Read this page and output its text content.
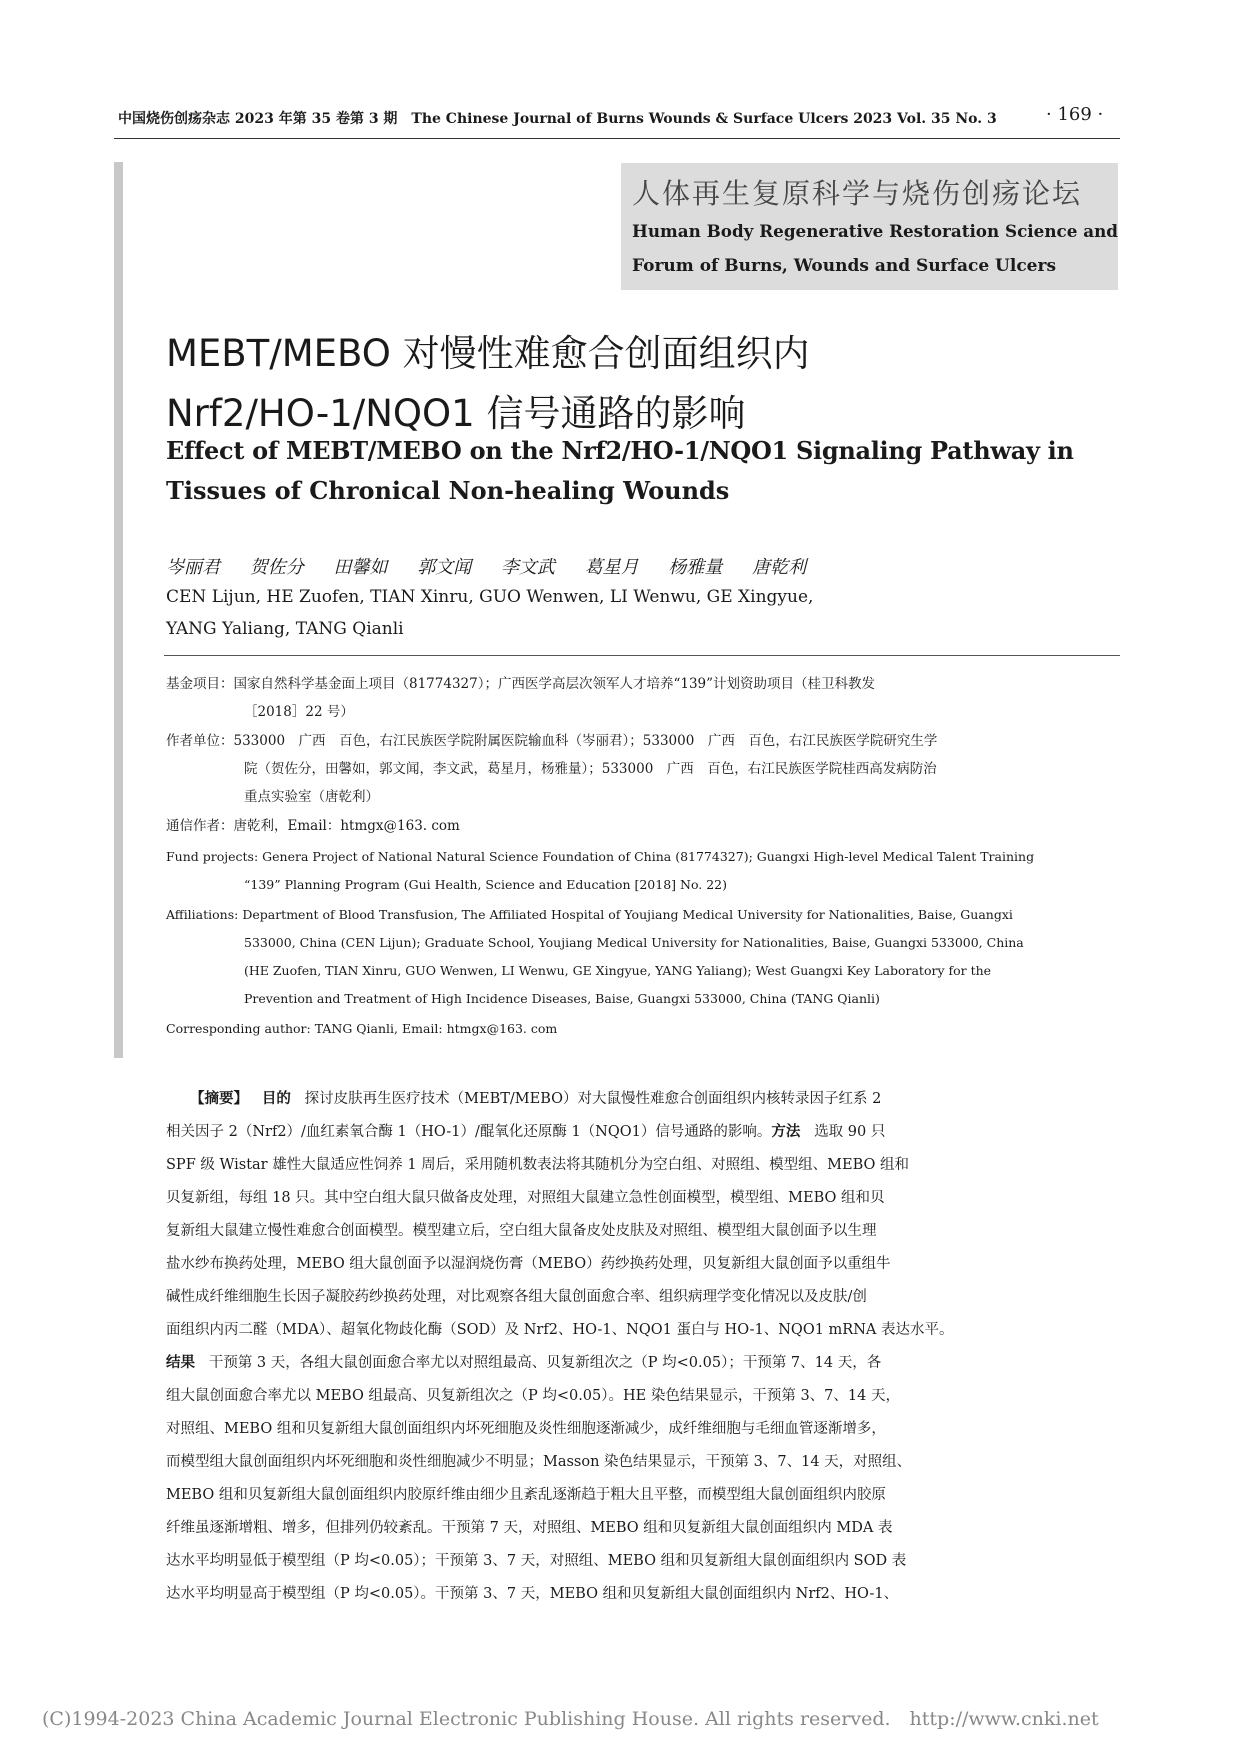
中国烧伤创疡杂志 2023 年第 35 卷第 3 期　The Chinese Journal of Burns Wounds & Surface Ulcers 2023 Vol. 35 No. 3	· 169 ·
人体再生复原科学与烧伤创疡论坛
Human Body Regenerative Restoration Science and
Forum of Burns, Wounds and Surface Ulcers
MEBT/MEBO 对慢性难愈合创面组织内
Nrf2/HO-1/NQO1 信号通路的影响
Effect of MEBT/MEBO on the Nrf2/HO-1/NQO1 Signaling Pathway in
Tissues of Chronical Non-healing Wounds
岑丽君 贺佐分 田馨如 郭文闻 李文武 葛星月 杨雅量 唐乾利
CEN Lijun, HE Zuofen, TIAN Xinru, GUO Wenwen, LI Wenwu, GE Xingyue,
YANG Yaliang, TANG Qianli
基金项目：国家自然科学基金面上项目（81774327）；广西医学高层次领军人才培养“139”计划资助项目（桂卫科教发
［2018］22 号）
作者单位：533000　广西　百色，右江民族医学院附属医院输血科（岑丽君）；533000　广西　百色，右江民族医学院研究生学
院（贺佐分，田馨如，郭文闻，李文武，葛星月，杨雅量）；533000　广西　百色，右江民族医学院桂西高发病防治
重点实验室（唐乾利）
通信作者：唐乾利，Email：htmgx@163. com
Fund projects: Genera Project of National Natural Science Foundation of China (81774327); Guangxi High-level Medical Talent Training
“139” Planning Program (Gui Health, Science and Education [2018] No. 22)
Affiliations: Department of Blood Transfusion, The Affiliated Hospital of Youjiang Medical University for Nationalities, Baise, Guangxi
533000, China (CEN Lijun); Graduate School, Youjiang Medical University for Nationalities, Baise, Guangxi 533000, China
(HE Zuofen, TIAN Xinru, GUO Wenwen, LI Wenwu, GE Xingyue, YANG Yaliang); West Guangxi Key Laboratory for the
Prevention and Treatment of High Incidence Diseases, Baise, Guangxi 533000, China (TANG Qianli)
Corresponding author: TANG Qianli, Email: htmgx@163. com
【摘要】 目的 探讨皮肤再生医疗技术（MEBT/MEBO）对大鼠慢性难愈合创面组织内核转录因子红系 2
相关因子 2（Nrf2）/血红素氧合酶 1（HO-1）/醌氧化还原酶 1（NQO1）信号通路的影响。方法 选取 90 只
SPF 级 Wistar 雄性大鼠适应性饲养 1 周后，采用随机数表法将其随机分为空白组、对照组、模型组、MEBO 组和
贝复新组，每组 18 只。其中空白组大鼠只做备皮处理，对照组大鼠建立急性创面模型，模型组、MEBO 组和贝
复新组大鼠建立慢性难愈合创面模型。模型建立后，空白组大鼠备皮处皮肤及对照组、模型组大鼠创面予以生理
盐水纱布换药处理，MEBO 组大鼠创面予以湿润烧伤膏（MEBO）药纱换药处理，贝复新组大鼠创面予以重组牛
碱性成纤维细胞生长因子凝胶药纱换药处理，对比观察各组大鼠创面愈合率、组织病理学变化情况以及皮肤/创
面组织内丙二醛（MDA）、超氧化物歧化酶（SOD）及 Nrf2、HO-1、NQO1 蛋白与 HO-1、NQO1 mRNA 表达水平。
结果 干预第 3 天，各组大鼠创面愈合率尤以对照组最高、贝复新组次之（P 均<0.05）；干预第 7、14 天，各
组大鼠创面愈合率尤以 MEBO 组最高、贝复新组次之（P 均<0.05）。HE 染色结果显示，干预第 3、7、14 天，
对照组、MEBO 组和贝复新组大鼠创面组织内坏死细胞及炎性细胞逐渐减少，成纤维细胞与毛细血管逐渐增多，
而模型组大鼠创面组织内坏死细胞和炎性细胞减少不明显；Masson 染色结果显示，干预第 3、7、14 天，对照组、
MEBO 组和贝复新组大鼠创面组织内胶原纤维由细少且紊乱逐渐趋于粗大且平整，而模型组大鼠创面组织内胶原
纤维虽逐渐增粗、增多，但排列仍较紊乱。干预第 7 天，对照组、MEBO 组和贝复新组大鼠创面组织内 MDA 表
达水平均明显低于模型组（P 均<0.05）；干预第 3、7 天，对照组、MEBO 组和贝复新组大鼠创面组织内 SOD 表
达水平均明显高于模型组（P 均<0.05）。干预第 3、7 天，MEBO 组和贝复新组大鼠创面组织内 Nrf2、HO-1、
(C)1994-2023 China Academic Journal Electronic Publishing House. All rights reserved.　http://www.cnki.net
